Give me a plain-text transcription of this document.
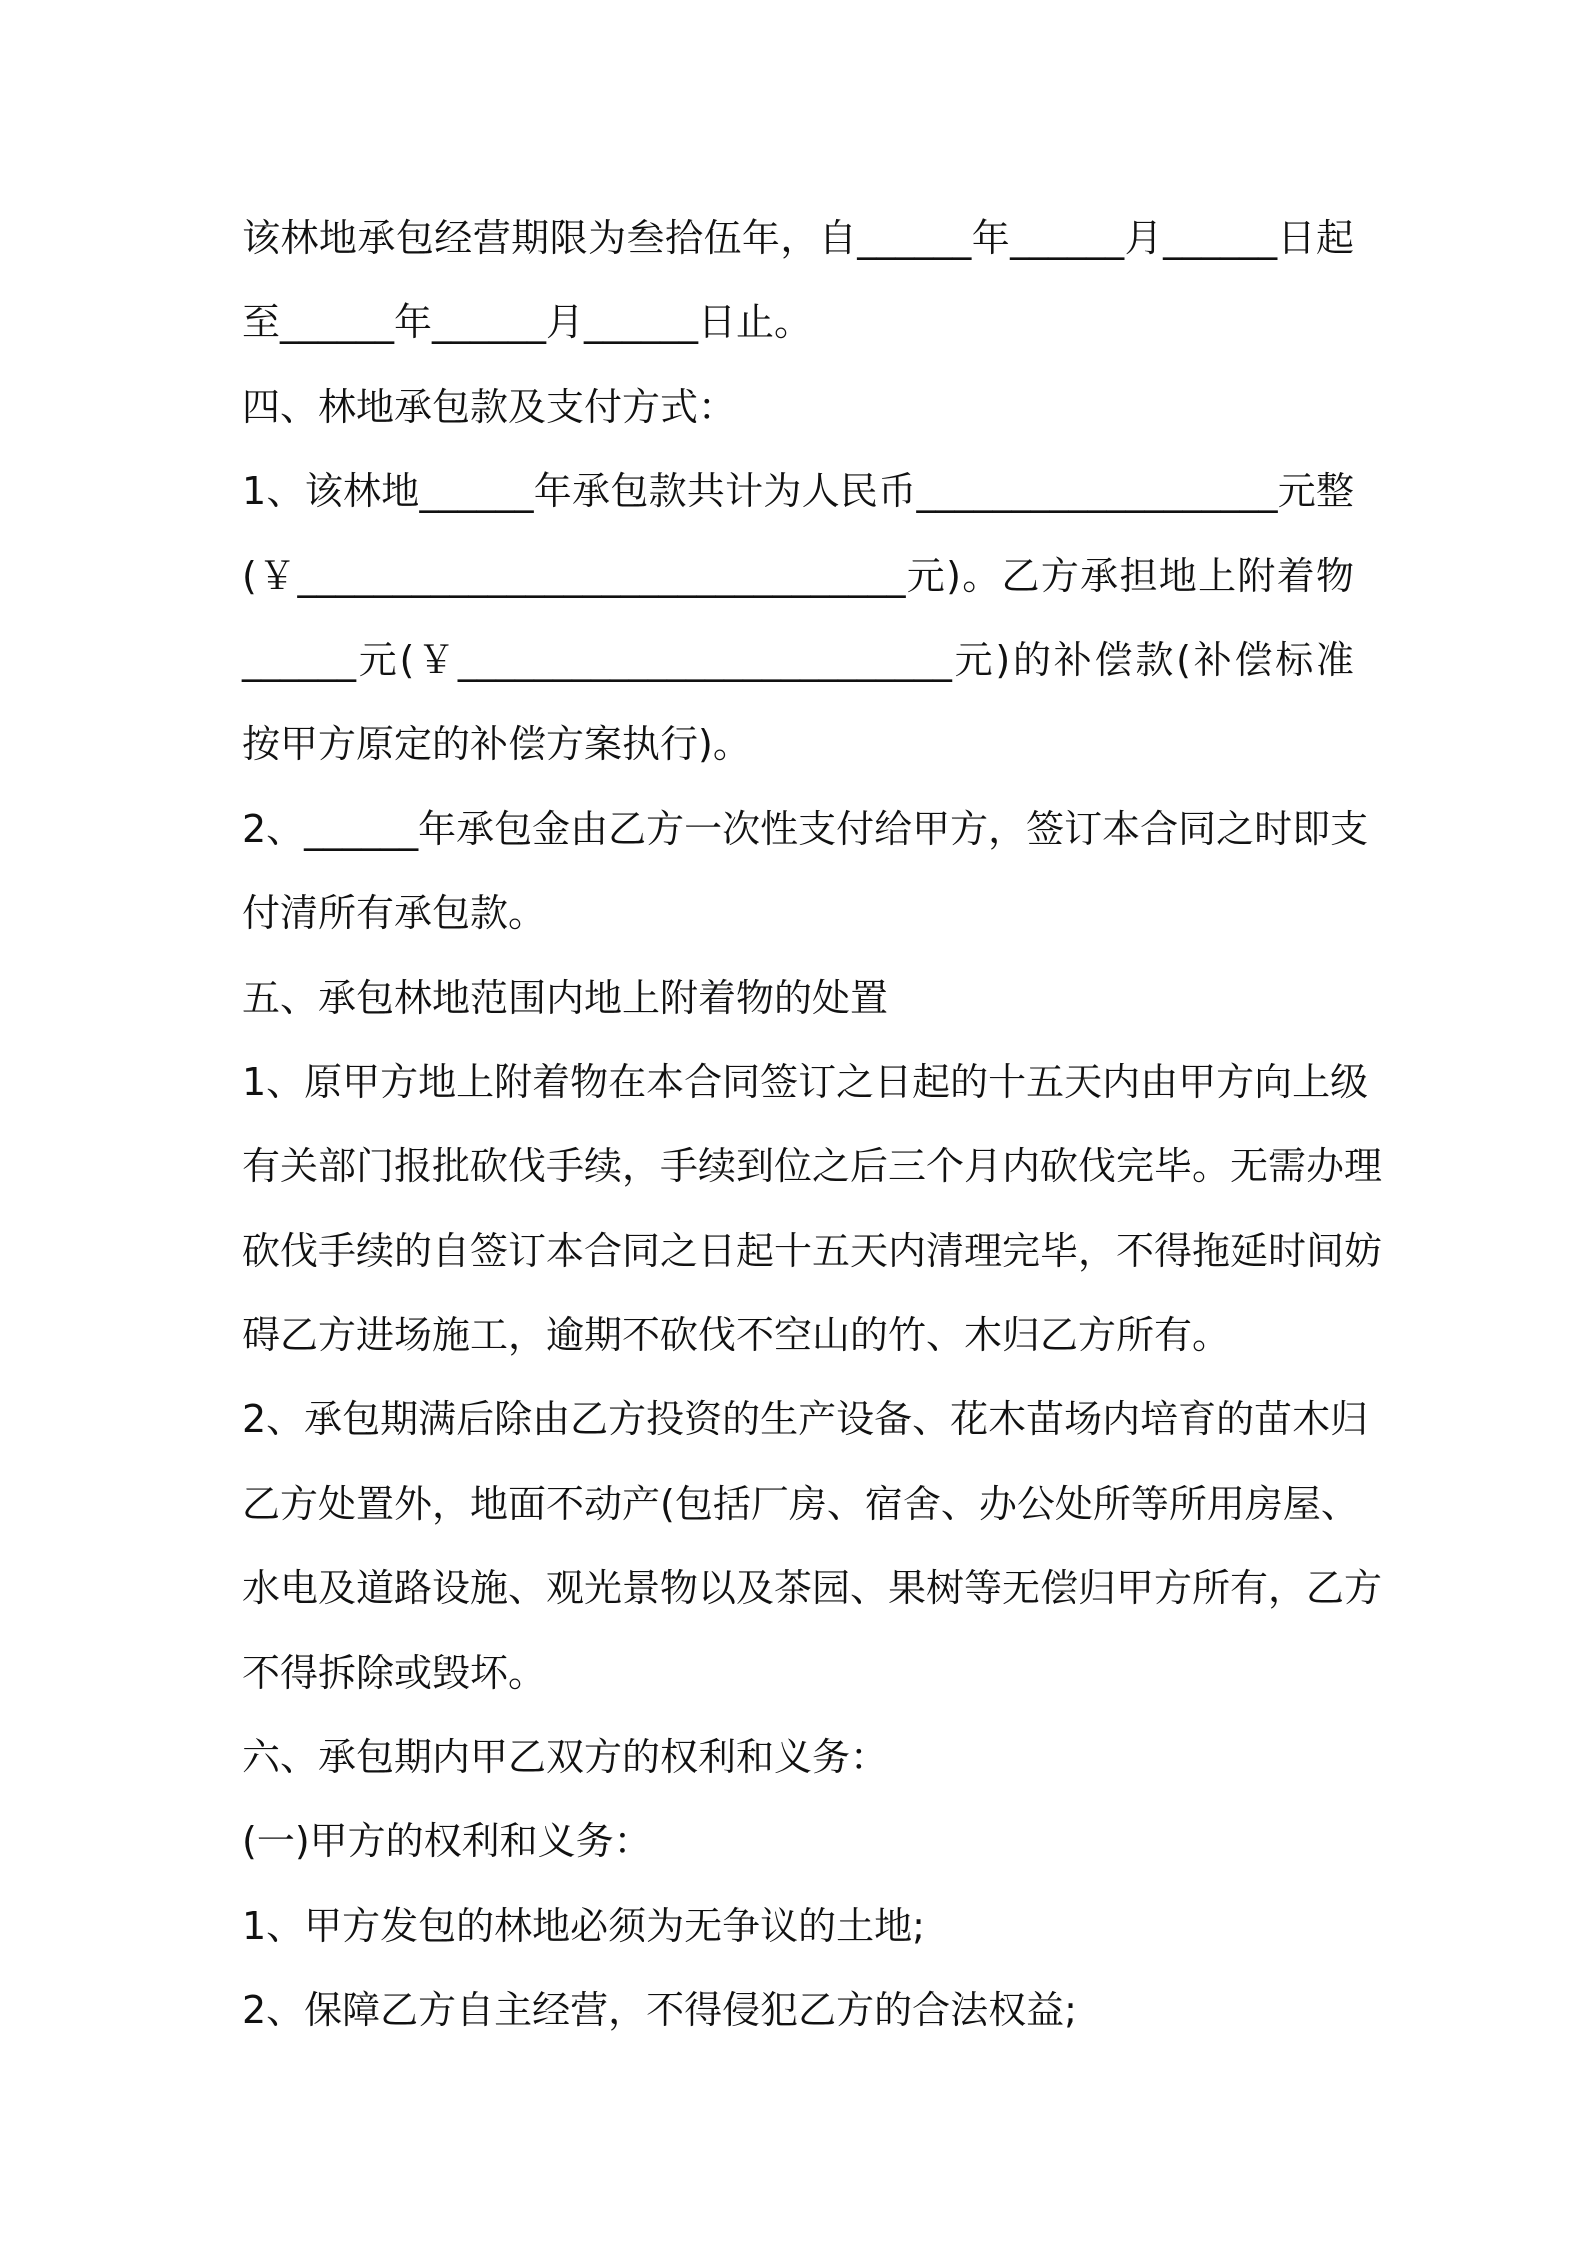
该林地承包经营期限为叁拾伍年，自______年______月______日起
至______年______月______日止。
四、林地承包款及支付方式：
1、该林地______年承包款共计为人民币___________________元整
(￥________________________________元)。乙方承担地上附着物
______元(￥__________________________元)的补偿款(补偿标准
按甲方原定的补偿方案执行)。
2、______年承包金由乙方一次性支付给甲方，签订本合同之时即支
付清所有承包款。
五、承包林地范围内地上附着物的处置
1、原甲方地上附着物在本合同签订之日起的十五天内由甲方向上级
有关部门报批砍伐手续，手续到位之后三个月内砍伐完毕。无需办理
砍伐手续的自签订本合同之日起十五天内清理完毕，不得拖延时间妨
碍乙方进场施工，逾期不砍伐不空山的竹、木归乙方所有。
2、承包期满后除由乙方投资的生产设备、花木苗场内培育的苗木归
乙方处置外，地面不动产(包括厂房、宿舍、办公处所等所用房屋、
水电及道路设施、观光景物以及茶园、果树等无偿归甲方所有，乙方
不得拆除或毁坏。
六、承包期内甲乙双方的权利和义务：
(一)甲方的权利和义务：
1、甲方发包的林地必须为无争议的土地;
2、保障乙方自主经营，不得侵犯乙方的合法权益;
